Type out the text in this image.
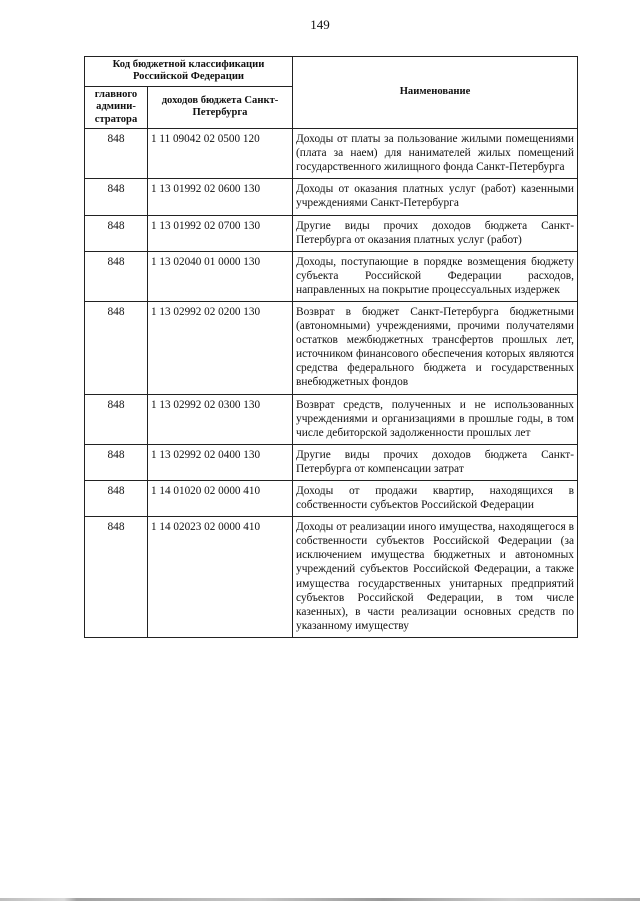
149
Код бюджетной классификации Российской Федерации		Наименование
главного админи-стратора	доходов бюджета Санкт-Петербурга	
848	1 11 09042 02 0500 120	Доходы от платы за пользование жилыми помещениями (плата за наем) для нанимателей жилых помещений государственного жилищного фонда Санкт-Петербурга
848	1 13 01992 02 0600 130	Доходы от оказания платных услуг (работ) казенными учреждениями Санкт-Петербурга
848	1 13 01992 02 0700 130	Другие виды прочих доходов бюджета Санкт-Петербурга от оказания платных услуг (работ)
848	1 13 02040 01 0000 130	Доходы, поступающие в порядке возмещения бюджету субъекта Российской Федерации расходов, направленных на покрытие процессуальных издержек
848	1 13 02992 02 0200 130	Возврат в бюджет Санкт-Петербурга бюджетными (автономными) учреждениями, прочими получателями остатков межбюджетных трансфертов прошлых лет, источником финансового обеспечения которых являются средства федерального бюджета и государственных внебюджетных фондов
848	1 13 02992 02 0300 130	Возврат средств, полученных и не использованных учреждениями и организациями в прошлые годы, в том числе дебиторской задолженности прошлых лет
848	1 13 02992 02 0400 130	Другие виды прочих доходов бюджета Санкт-Петербурга от компенсации затрат
848	1 14 01020 02 0000 410	Доходы от продажи квартир, находящихся в собственности субъектов Российской Федерации
848	1 14 02023 02 0000 410	Доходы от реализации иного имущества, находящегося в собственности субъектов Российской Федерации (за исключением имущества бюджетных и автономных учреждений субъектов Российской Федерации, а также имущества государственных унитарных предприятий субъектов Российской Федерации, в том числе казенных), в части реализации основных средств по указанному имуществу
